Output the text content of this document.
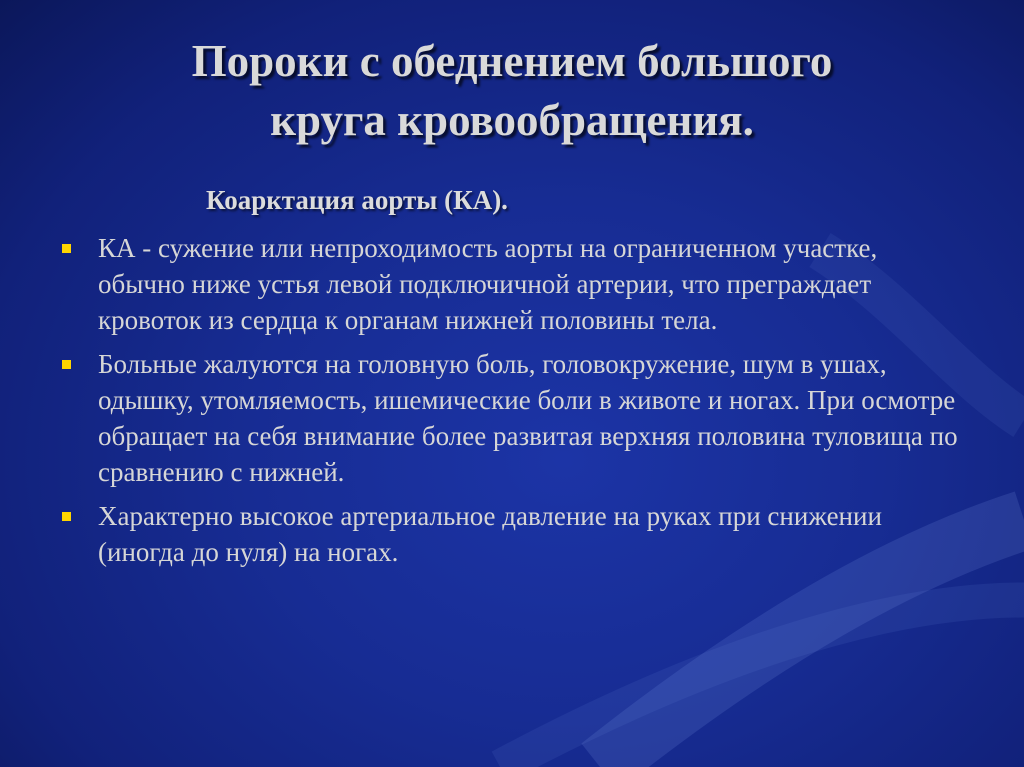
Пороки с обеднением большого
круга кровообращения.
Коарктация аорты (КА).
КА - сужение или непроходимость аорты на ограниченном участке, обычно ниже устья левой подключичной артерии, что преграждает кровоток из сердца к органам нижней половины тела.
Больные жалуются на головную боль, головокружение, шум в ушах, одышку, утомляемость, ишемические боли в животе и ногах. При осмотре обращает на себя внимание более развитая верхняя половина туловища по сравнению с нижней.
Характерно высокое артериальное давление на руках при снижении (иногда до нуля) на ногах.
